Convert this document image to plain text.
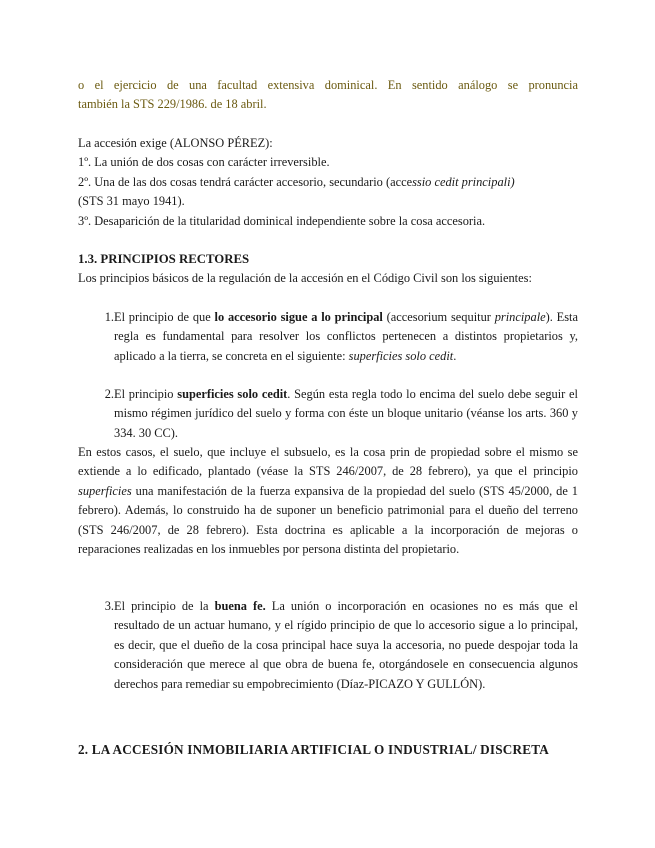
o el ejercicio de una facultad extensiva dominical. En sentido análogo se pronuncia
también la STS 229/1986. de 18 abril.

La accesión exige (ALONSO PÉREZ):
1º. La unión de dos cosas con carácter irreversible.
2º. Una de las dos cosas tendrá carácter accesorio, secundario (accessio cedit principali)
(STS 31 mayo 1941).
3º. Desaparición de la titularidad dominical independiente sobre la cosa accesoria.
1.3. PRINCIPIOS RECTORES

Los principios básicos de la regulación de la accesión en el Código Civil son los siguientes:

1. El principio de que lo accesorio sigue a lo principal (accesorium sequitur principale). Esta regla es fundamental para resolver los conflictos pertenecen a distintos propietarios y, aplicado a la tierra, se concreta en el siguiente: superficies solo cedit.
2. El principio superficies solo cedit. Según esta regla todo lo encima del suelo debe seguir el mismo régimen jurídico del suelo y forma con éste un bloque unitario (véanse los arts. 360 y 334. 30 CC).

En estos casos, el suelo, que incluye el subsuelo, es la cosa prin de propiedad sobre el mismo se extiende a lo edificado, plantado (véase la STS 246/2007, de 28 febrero), ya que el principio superficies una manifestación de la fuerza expansiva de la propiedad del suelo (STS 45/2000, de 1 febrero). Además, lo construido ha de suponer un beneficio patrimonial para el dueño del terreno (STS 246/2007, de 28 febrero). Esta doctrina es aplicable a la incorporación de mejoras o reparaciones realizadas en los inmuebles por persona distinta del propietario.

3. El principio de la buena fe. La unión o incorporación en ocasiones no es más que el resultado de un actuar humano, y el rígido principio de que lo accesorio sigue a lo principal, es decir, que el dueño de la cosa principal hace suya la accesoria, no puede despojar toda la consideración que merece al que obra de buena fe, otorgándosele en consecuencia algunos derechos para remediar su empobrecimiento (Díaz-PICAZO Y GULLÓN).
2. LA ACCESIÓN INMOBILIARIA ARTIFICIAL O INDUSTRIAL/ DISCRETA
